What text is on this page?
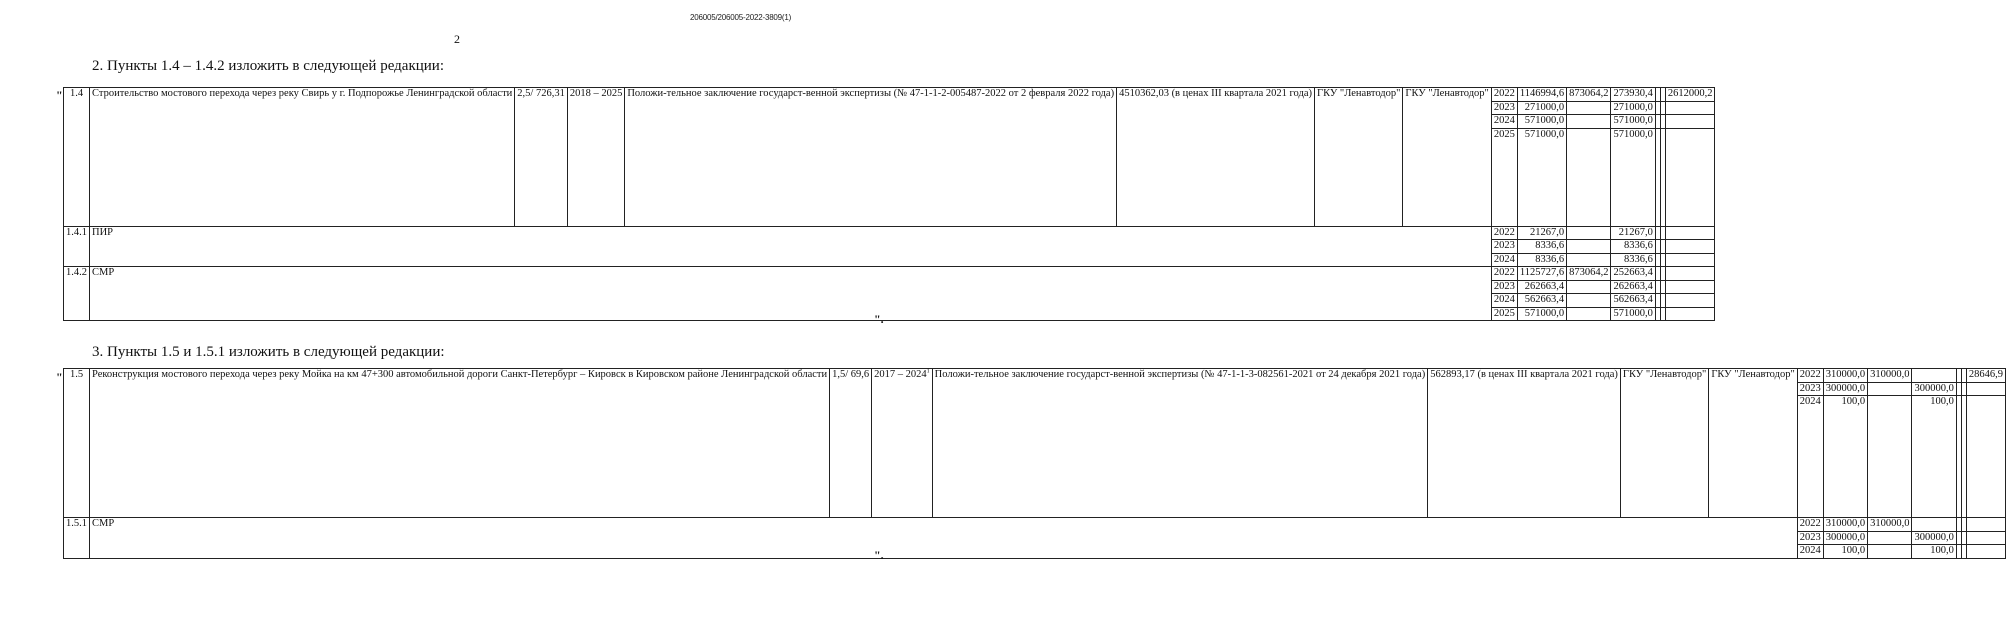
206005/206005-2022-3809(1)
2
2. Пункты 1.4 – 1.4.2 изложить в следующей редакции:
" 1.4	Строительство мостового перехода через реку Свирь у г. Подпорожье Ленинградской области	2,5/ 726,31	2018 – 2025	Положи-тельное заключение государст-венной экспертизы (№ 47-1-1-2-005487-2022 от 2 февраля 2022 года)	4510362,03 (в ценах III квартала 2021 года)	ГКУ "Ленавтодор"	ГКУ "Ленавтодор"	2022	1146994,6	873064,2	273930,4			2612000,2
								2023	271000,0		271000,0			
								2024	571000,0		571000,0			
								2025	571000,0		571000,0			
1.4.1	ПИР							2022	21267,0		21267,0			
								2023	8336,6		8336,6			
								2024	8336,6		8336,6			
1.4.2	СМР							2022	1125727,6	873064,2	252663,4			
								2023	262663,4		262663,4			
								2024	562663,4		562663,4			
								2025	571000,0		571000,0			
".
3. Пункты 1.5 и 1.5.1 изложить в следующей редакции:
" 1.5	Реконструкция мостового перехода через реку Мойка на км 47+300 автомобильной дороги Санкт-Петербург – Кировск в Кировском районе Ленинградской области	1,5/ 69,6	2017 – 2024$^1$	Положи-тельное заключение государст-венной экспертизы (№ 47-1-1-3-082561-2021 от 24 декабря 2021 года)	562893,17 (в ценах III квартала 2021 года)	ГКУ "Ленавтодор"	ГКУ "Ленавтодор"	2022	310000,0	310000,0				28646,9
								2023	300000,0		300000,0			
								2024	100,0		100,0			
1.5.1	СМР							2022	310000,0	310000,0				
								2023	300000,0		300000,0			
								2024	100,0		100,0			
".
